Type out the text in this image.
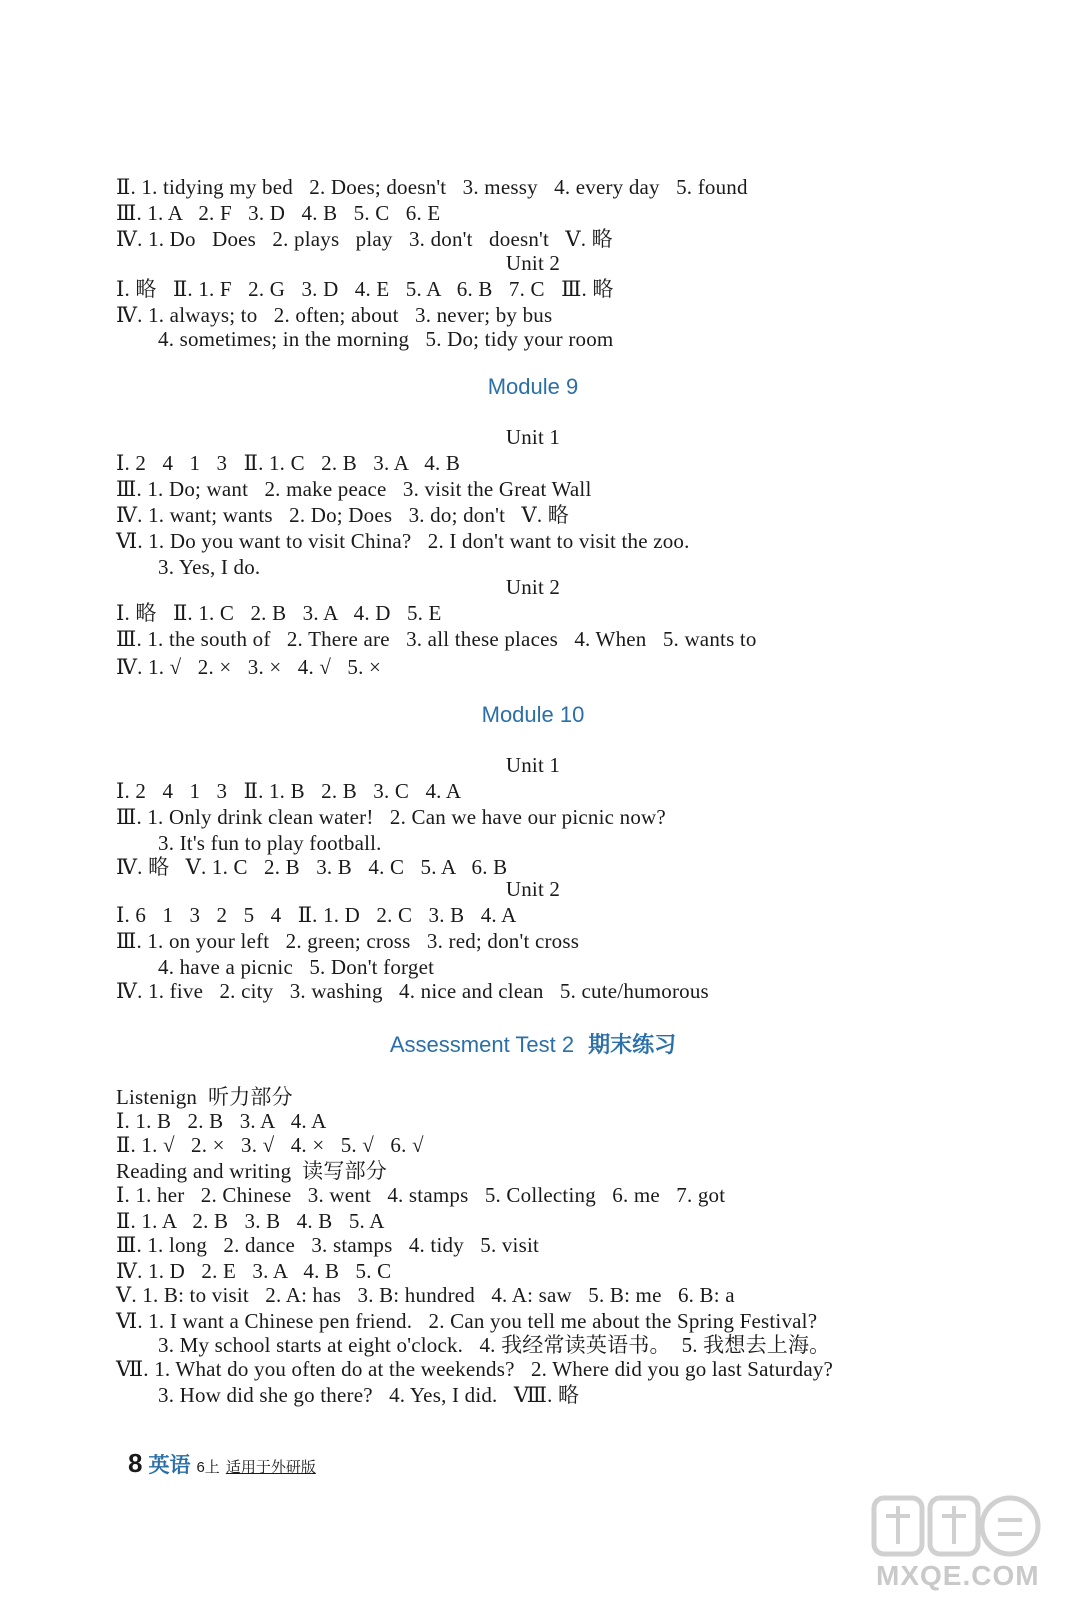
Ⅱ. 1. tidying my bed   2. Does; doesn't   3. messy   4. every day   5. found
Ⅲ. 1. A   2. F   3. D   4. B   5. C   6. E
Ⅳ. 1. Do   Does   2. plays   play   3. don't   doesn't   Ⅴ. 略
Unit 2
Ⅰ. 略   Ⅱ. 1. F   2. G   3. D   4. E   5. A   6. B   7. C   Ⅲ. 略
Ⅳ. 1. always; to   2. often; about   3. never; by bus
4. sometimes; in the morning   5. Do; tidy your room
Module 9
Unit 1
Ⅰ. 2   4   1   3   Ⅱ. 1. C   2. B   3. A   4. B
Ⅲ. 1. Do; want   2. make peace   3. visit the Great Wall
Ⅳ. 1. want; wants   2. Do; Does   3. do; don't   Ⅴ. 略
Ⅵ. 1. Do you want to visit China?   2. I don't want to visit the zoo.
3. Yes, I do.
Unit 2
Ⅰ. 略   Ⅱ. 1. C   2. B   3. A   4. D   5. E
Ⅲ. 1. the south of   2. There are   3. all these places   4. When   5. wants to
Ⅳ. 1. √   2. ×   3. ×   4. √   5. ×
Module 10
Unit 1
Ⅰ. 2   4   1   3   Ⅱ. 1. B   2. B   3. C   4. A
Ⅲ. 1. Only drink clean water!   2. Can we have our picnic now?
3. It's fun to play football.
Ⅳ. 略   Ⅴ. 1. C   2. B   3. B   4. C   5. A   6. B
Unit 2
Ⅰ. 6   1   3   2   5   4   Ⅱ. 1. D   2. C   3. B   4. A
Ⅲ. 1. on your left   2. green; cross   3. red; don't cross
4. have a picnic   5. Don't forget
Ⅳ. 1. five   2. city   3. washing   4. nice and clean   5. cute/humorous
Assessment Test 2 期末练习
Listenign  听力部分
Ⅰ. 1. B   2. B   3. A   4. A
Ⅱ. 1. √   2. ×   3. √   4. ×   5. √   6. √
Reading and writing  读写部分
Ⅰ. 1. her   2. Chinese   3. went   4. stamps   5. Collecting   6. me   7. got
Ⅱ. 1. A   2. B   3. B   4. B   5. A
Ⅲ. 1. long   2. dance   3. stamps   4. tidy   5. visit
Ⅳ. 1. D   2. E   3. A   4. B   5. C
Ⅴ. 1. B: to visit   2. A: has   3. B: hundred   4. A: saw   5. B: me   6. B: a
Ⅵ. 1. I want a Chinese pen friend.   2. Can you tell me about the Spring Festival?
3. My school starts at eight o'clock.   4. 我经常读英语书。  5. 我想去上海。
Ⅶ. 1. What do you often do at the weekends?   2. Where did you go last Saturday?
3. How did she go there?   4. Yes, I did.   Ⅷ. 略
8 英语 6上 适用于外研版
MXQE.COM
